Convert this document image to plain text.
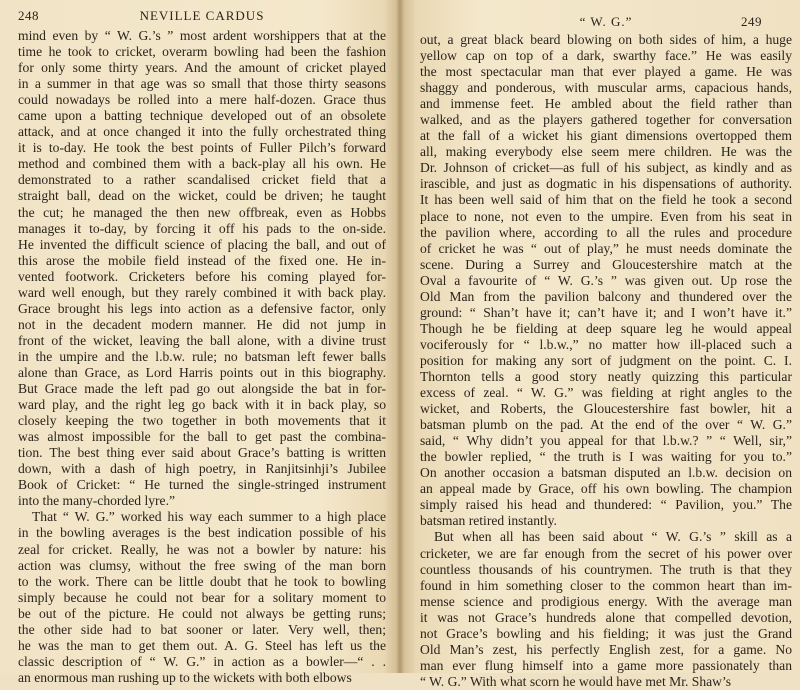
248	NEVILLE CARDUS
mind even by “ W. G.’s ” most ardent worshippers that at the
time he took to cricket, overarm bowling had been the fashion
for only some thirty years. And the amount of cricket played
in a summer in that age was so small that those thirty seasons
could nowadays be rolled into a mere half-dozen. Grace thus
came upon a batting technique developed out of an obsolete
attack, and at once changed it into the fully orchestrated thing
it is to-day. He took the best points of Fuller Pilch’s forward
method and combined them with a back-play all his own. He
demonstrated to a rather scandalised cricket field that a
straight ball, dead on the wicket, could be driven; he taught
the cut; he managed the then new offbreak, even as Hobbs
manages it to-day, by forcing it off his pads to the on-side.
He invented the difficult science of placing the ball, and out of
this arose the mobile field instead of the fixed one. He in-
vented footwork. Cricketers before his coming played for-
ward well enough, but they rarely combined it with back play.
Grace brought his legs into action as a defensive factor, only
not in the decadent modern manner. He did not jump in
front of the wicket, leaving the ball alone, with a divine trust
in the umpire and the l.b.w. rule; no batsman left fewer balls
alone than Grace, as Lord Harris points out in this biography.
But Grace made the left pad go out alongside the bat in for-
ward play, and the right leg go back with it in back play, so
closely keeping the two together in both movements that it
was almost impossible for the ball to get past the combina-
tion. The best thing ever said about Grace’s batting is written
down, with a dash of high poetry, in Ranjitsinhji’s Jubilee
Book of Cricket: “ He turned the single-stringed instrument
into the many-chorded lyre.”
That “ W. G.” worked his way each summer to a high place
in the bowling averages is the best indication possible of his
zeal for cricket. Really, he was not a bowler by nature: his
action was clumsy, without the free swing of the man born
to the work. There can be little doubt that he took to bowling
simply because he could not bear for a solitary moment to
be out of the picture. He could not always be getting runs;
the other side had to bat sooner or later. Very well, then;
he was the man to get them out. A. G. Steel has left us the
classic description of “ W. G.” in action as a bowler—“ . .
an enormous man rushing up to the wickets with both elbows
“ W. G.”	249
out, a great black beard blowing on both sides of him, a huge
yellow cap on top of a dark, swarthy face.” He was easily
the most spectacular man that ever played a game. He was
shaggy and ponderous, with muscular arms, capacious hands,
and immense feet. He ambled about the field rather than
walked, and as the players gathered together for conversation
at the fall of a wicket his giant dimensions overtopped them
all, making everybody else seem mere children. He was the
Dr. Johnson of cricket—as full of his subject, as kindly and as
irascible, and just as dogmatic in his dispensations of authority.
It has been well said of him that on the field he took a second
place to none, not even to the umpire. Even from his seat in
the pavilion where, according to all the rules and procedure
of cricket he was “ out of play,” he must needs dominate the
scene. During a Surrey and Gloucestershire match at the
Oval a favourite of “ W. G.’s ” was given out. Up rose the
Old Man from the pavilion balcony and thundered over the
ground: “ Shan’t have it; can’t have it; and I won’t have it.”
Though he be fielding at deep square leg he would appeal
vociferously for “ l.b.w.,” no matter how ill-placed such a
position for making any sort of judgment on the point. C. I.
Thornton tells a good story neatly quizzing this particular
excess of zeal. “ W. G.” was fielding at right angles to the
wicket, and Roberts, the Gloucestershire fast bowler, hit a
batsman plumb on the pad. At the end of the over “ W. G.”
said, “ Why didn’t you appeal for that l.b.w.? ” “ Well, sir,”
the bowler replied, “ the truth is I was waiting for you to.”
On another occasion a batsman disputed an l.b.w. decision on
an appeal made by Grace, off his own bowling. The champion
simply raised his head and thundered: “ Pavilion, you.” The
batsman retired instantly.
But when all has been said about “ W. G.’s ” skill as a
cricketer, we are far enough from the secret of his power over
countless thousands of his countrymen. The truth is that they
found in him something closer to the common heart than im-
mense science and prodigious energy. With the average man
it was not Grace’s hundreds alone that compelled devotion,
not Grace’s bowling and his fielding; it was just the Grand
Old Man’s zest, his perfectly English zest, for a game. No
man ever flung himself into a game more passionately than
“ W. G.” With what scorn he would have met Mr. Shaw’s
